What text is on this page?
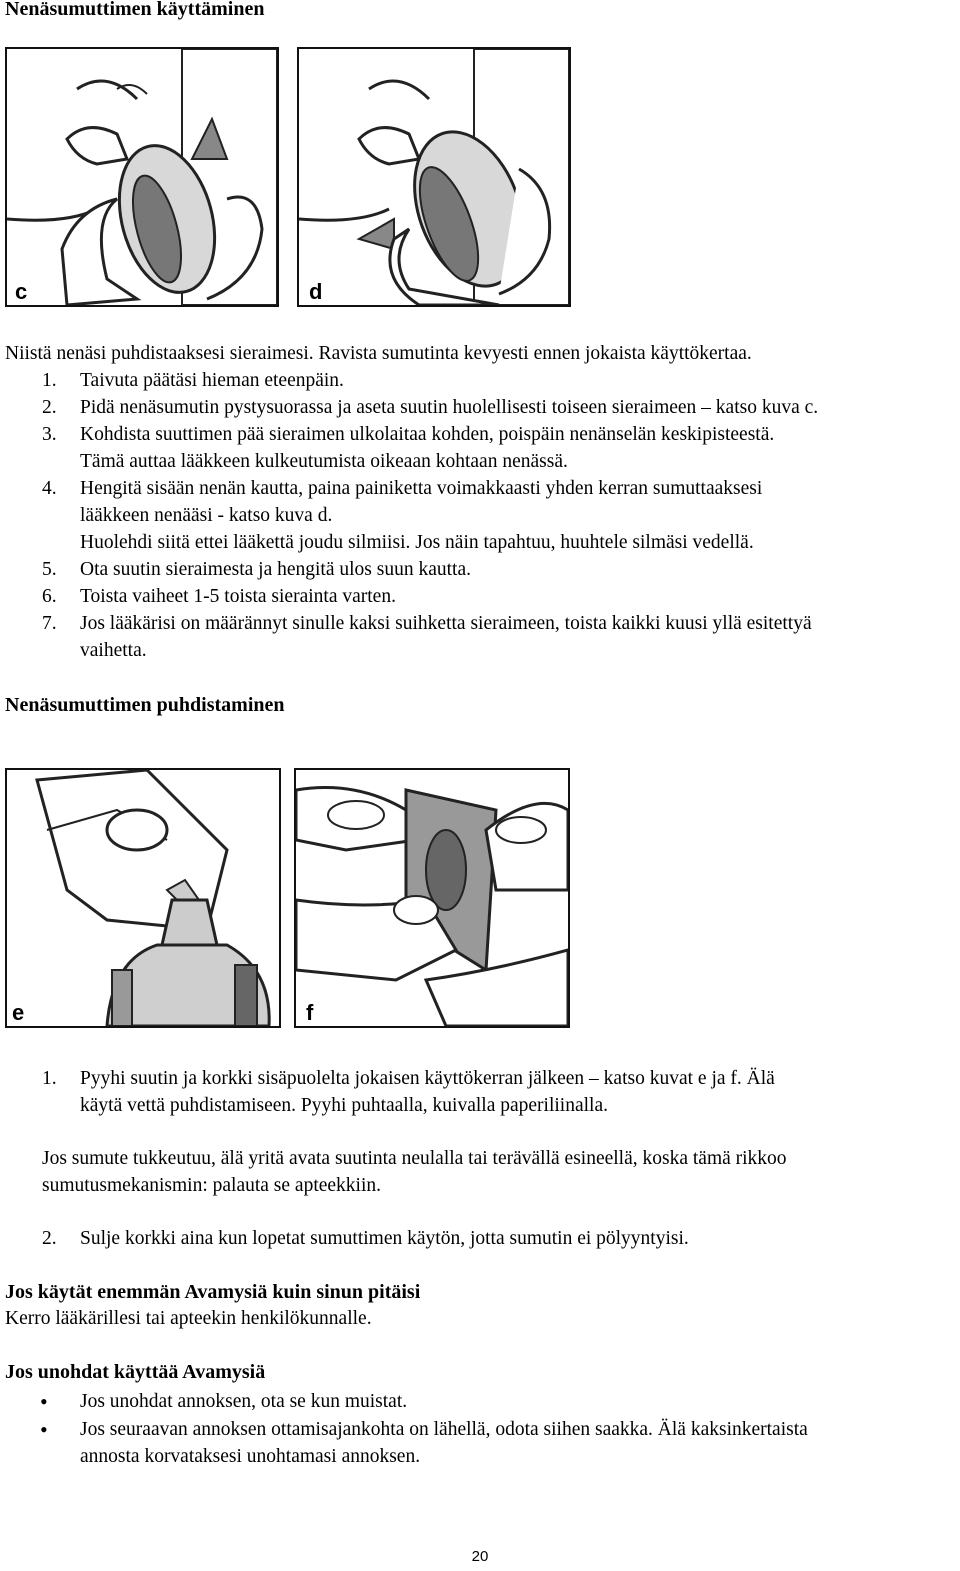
Nenäsumuttimen käyttäminen
c	d
Niistä nenäsi puhdistaaksesi sieraimesi. Ravista sumutinta kevyesti ennen jokaista käyttökertaa.
1. Taivuta päätäsi hieman eteenpäin.
2. Pidä nenäsumutin pystysuorassa ja aseta suutin huolellisesti toiseen sieraimeen – katso kuva c.
3. Kohdista suuttimen pää sieraimen ulkolaitaa kohden, poispäin nenänselän keskipisteestä.
Tämä auttaa lääkkeen kulkeutumista oikeaan kohtaan nenässä.
4. Hengitä sisään nenän kautta, paina painiketta voimakkaasti yhden kerran sumuttaaksesi
lääkkeen nenääsi - katso kuva d.
Huolehdi siitä ettei lääkettä joudu silmiisi. Jos näin tapahtuu, huuhtele silmäsi vedellä.
5. Ota suutin sieraimesta ja hengitä ulos suun kautta.
6. Toista vaiheet 1-5 toista sierainta varten.
7. Jos lääkärisi on määrännyt sinulle kaksi suihketta sieraimeen, toista kaikki kuusi yllä esitettyä
vaihetta.
Nenäsumuttimen puhdistaminen
e	f
1. Pyyhi suutin ja korkki sisäpuolelta jokaisen käyttökerran jälkeen – katso kuvat e ja f. Älä
käytä vettä puhdistamiseen. Pyyhi puhtaalla, kuivalla paperiliinalla.
Jos sumute tukkeutuu, älä yritä avata suutinta neulalla tai terävällä esineellä, koska tämä rikkoo
sumutusmekanismin: palauta se apteekkiin.
2. Sulje korkki aina kun lopetat sumuttimen käytön, jotta sumutin ei pölyyntyisi.
Jos käytät enemmän Avamysiä kuin sinun pitäisi
Kerro lääkärillesi tai apteekin henkilökunnalle.
Jos unohdat käyttää Avamysiä
• Jos unohdat annoksen, ota se kun muistat.
• Jos seuraavan annoksen ottamisajankohta on lähellä, odota siihen saakka. Älä kaksinkertaista
annosta korvataksesi unohtamasi annoksen.
20
